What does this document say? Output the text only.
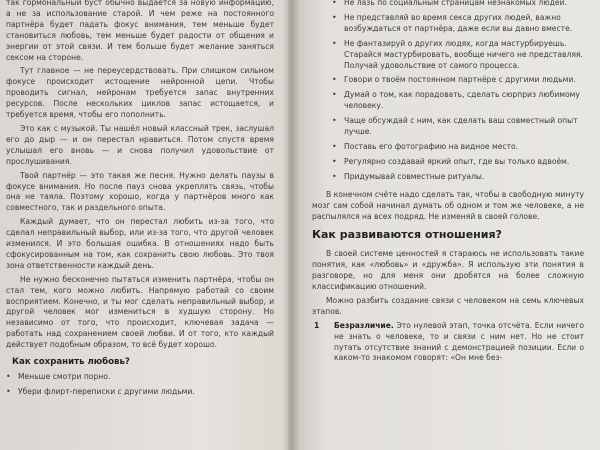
так гормональный буст обычно выдается за новую информацию, а не за использование старой. И чем реже на постоянного партнёра будет падать фокус внимания, тем меньше будет становиться любовь, тем меньше будет радости от общения и энергии от этой связи. И тем больше будет желание заняться сексом на стороне.

Тут главное — не переусердствовать. При слишком сильном фокусе происходит истощение нейронной цепи. Чтобы проводить сигнал, нейронам требуется запас внутренних ресурсов. После нескольких циклов запас истощается, и требуется время, чтобы его пополнить.

Это как с музыкой. Ты нашёл новый классный трек, заслушал его до дыр — и он перестал нравиться. Потом спустя время услышал его вновь — и снова получил удовольствие от прослушивания.

Твой партнёр — это такая же песня. Нужно делать паузы в фокусе внимания. Но после пауз снова укреплять связь, чтобы она не таяла. Поэтому хорошо, когда у партнёров много как совместного, так и раздельного опыта.

Каждый думает, что он перестал любить из-за того, что сделал неправильный выбор, или из-за того, что другой человек изменился. И это большая ошибка. В отношениях надо быть сфокусированным на том, как сохранить свою любовь. Это твоя зона ответственности каждый день.

Не нужно бесконечно пытаться изменить партнёра, чтобы он стал тем, кого можно любить. Напрямую работай со своим восприятием. Конечно, и ты мог сделать неправильный выбор, и другой человек мог измениться в худшую сторону. Но независимо от того, что происходит, ключевая задача — работать над сохранением своей любви. И от того, кто каждый действует подобным образом, то всё будет хорошо.

Как сохранить любовь?
• Меньше смотри порно.
• Убери флирт-переписки с другими людьми.
• Не лазь по социальным страницам незнакомых людей.
• Не представляй во время секса других людей, важно возбуждаться от партнёра, даже если вы давно вместе.
• Не фантазируй о других людях, когда мастурбируешь. Старайся мастурбировать, вообще ничего не представляя. Получай удовольствие от самого процесса.
• Говори о твоём постоянном партнёре с другими людьми.
• Думай о том, как порадовать, сделать сюрприз любимому человеку.
• Чаще обсуждай с ним, как сделать ваш совместный опыт лучше.
• Поставь его фотографию на видное место.
• Регулярно создавай яркий опыт, где вы только вдвоём.
• Придумывай совместные ритуалы.

В конечном счёте надо сделать так, чтобы в свободную минуту мозг сам собой начинал думать об одном и том же человеке, а не распылялся на всех подряд. Не изменяй в своей голове.

Как развиваются отношения?

В своей системе ценностей я стараюсь не использовать такие понятия, как «любовь» и «дружба». Я использую эти понятия в разговоре, но для меня они дробятся на более сложную классификацию отношений.

Можно разбить создание связи с человеком на семь ключевых этапов.

1 Безразличие. Это нулевой этап, точка отсчёта. Если ничего не знать о человеке, то и связи с ним нет. Но не стоит путать отсутствие знаний с демонстрацией позиции. Если о каком-то знакомом говорят: «Он мне без-
